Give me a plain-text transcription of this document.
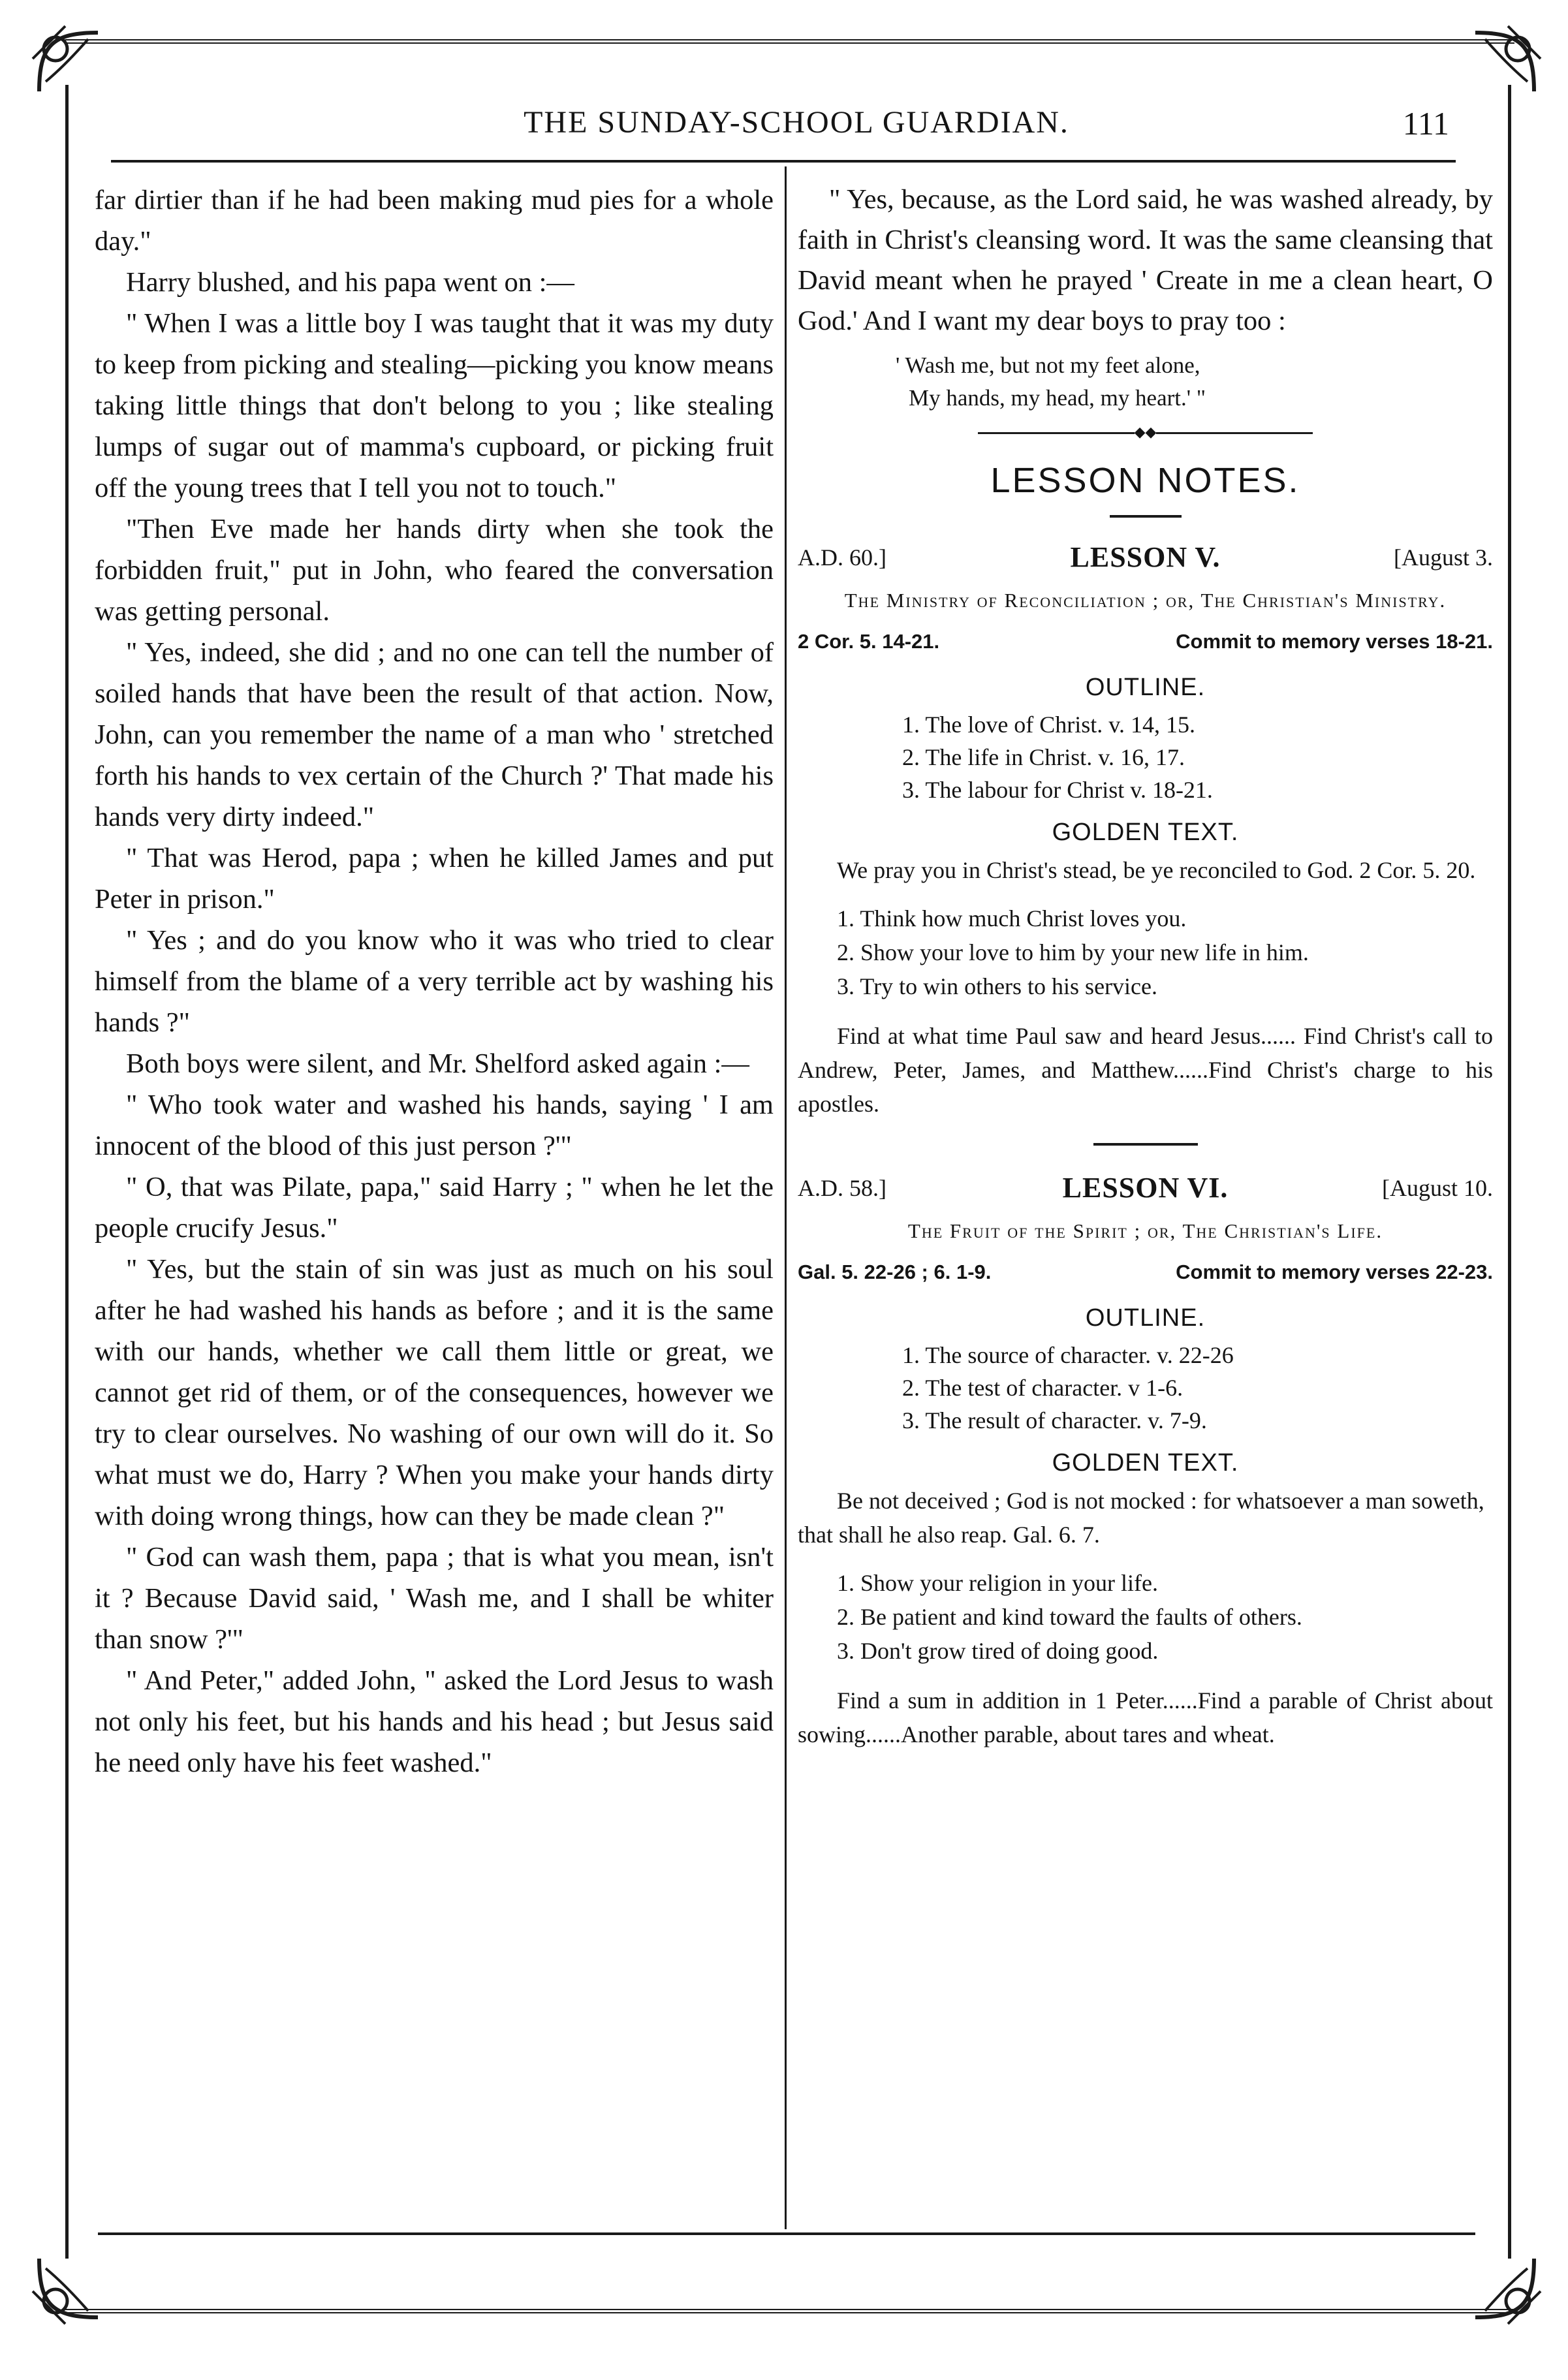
THE SUNDAY-SCHOOL GUARDIAN.	111

far dirtier than if he had been making mud pies for a whole day."

Harry blushed, and his papa went on :—

" When I was a little boy I was taught that it was my duty to keep from picking and stealing—picking you know means taking little things that don't belong to you ; like stealing lumps of sugar out of mamma's cupboard, or picking fruit off the young trees that I tell you not to touch."

"Then Eve made her hands dirty when she took the forbidden fruit," put in John, who feared the conversation was getting personal.

" Yes, indeed, she did ; and no one can tell the number of soiled hands that have been the result of that action. Now, John, can you remember the name of a man who ' stretched forth his hands to vex certain of the Church ?' That made his hands very dirty indeed."

" That was Herod, papa ; when he killed James and put Peter in prison."

" Yes ; and do you know who it was who tried to clear himself from the blame of a very terrible act by washing his hands ?"

Both boys were silent, and Mr. Shelford asked again :—

" Who took water and washed his hands, saying ' I am innocent of the blood of this just person ?'"

" O, that was Pilate, papa," said Harry ; " when he let the people crucify Jesus."

" Yes, but the stain of sin was just as much on his soul after he had washed his hands as before ; and it is the same with our hands, whether we call them little or great, we cannot get rid of them, or of the consequences, however we try to clear ourselves. No washing of our own will do it. So what must we do, Harry ? When you make your hands dirty with doing wrong things, how can they be made clean ?"

" God can wash them, papa ; that is what you mean, isn't it ? Because David said, ' Wash me, and I shall be whiter than snow ?'"

" And Peter," added John, " asked the Lord Jesus to wash not only his feet, but his hands and his head ; but Jesus said he need only have his feet washed."

" Yes, because, as the Lord said, he was washed already, by faith in Christ's cleansing word. It was the same cleansing that David meant when he prayed ' Create in me a clean heart, O God.' And I want my dear boys to pray too :

' Wash me, but not my feet alone,
My hands, my head, my heart.' "
◆◆
LESSON NOTES.
A.D. 60.]	LESSON V.	[August 3.
The Ministry of Reconciliation ; or, The Christian's Ministry.
2 Cor. 5. 14-21.	Commit to memory verses 18-21.
OUTLINE.
1. The love of Christ. v. 14, 15.
2. The life in Christ. v. 16, 17.
3. The labour for Christ v. 18-21.
GOLDEN TEXT.

We pray you in Christ's stead, be ye reconciled to God. 2 Cor. 5. 20.

1. Think how much Christ loves you.
2. Show your love to him by your new life in him.
3. Try to win others to his service.

Find at what time Paul saw and heard Jesus...... Find Christ's call to Andrew, Peter, James, and Matthew......Find Christ's charge to his apostles.

A.D. 58.]	LESSON VI.	[August 10.
The Fruit of the Spirit ; or, The Christian's Life.
Gal. 5. 22-26 ; 6. 1-9.	Commit to memory verses 22-23.
OUTLINE.
1. The source of character. v. 22-26
2. The test of character. v 1-6.
3. The result of character. v. 7-9.
GOLDEN TEXT.

Be not deceived ; God is not mocked : for whatsoever a man soweth, that shall he also reap. Gal. 6. 7.

1. Show your religion in your life.
2. Be patient and kind toward the faults of others.
3. Don't grow tired of doing good.

Find a sum in addition in 1 Peter......Find a parable of Christ about sowing......Another parable, about tares and wheat.
